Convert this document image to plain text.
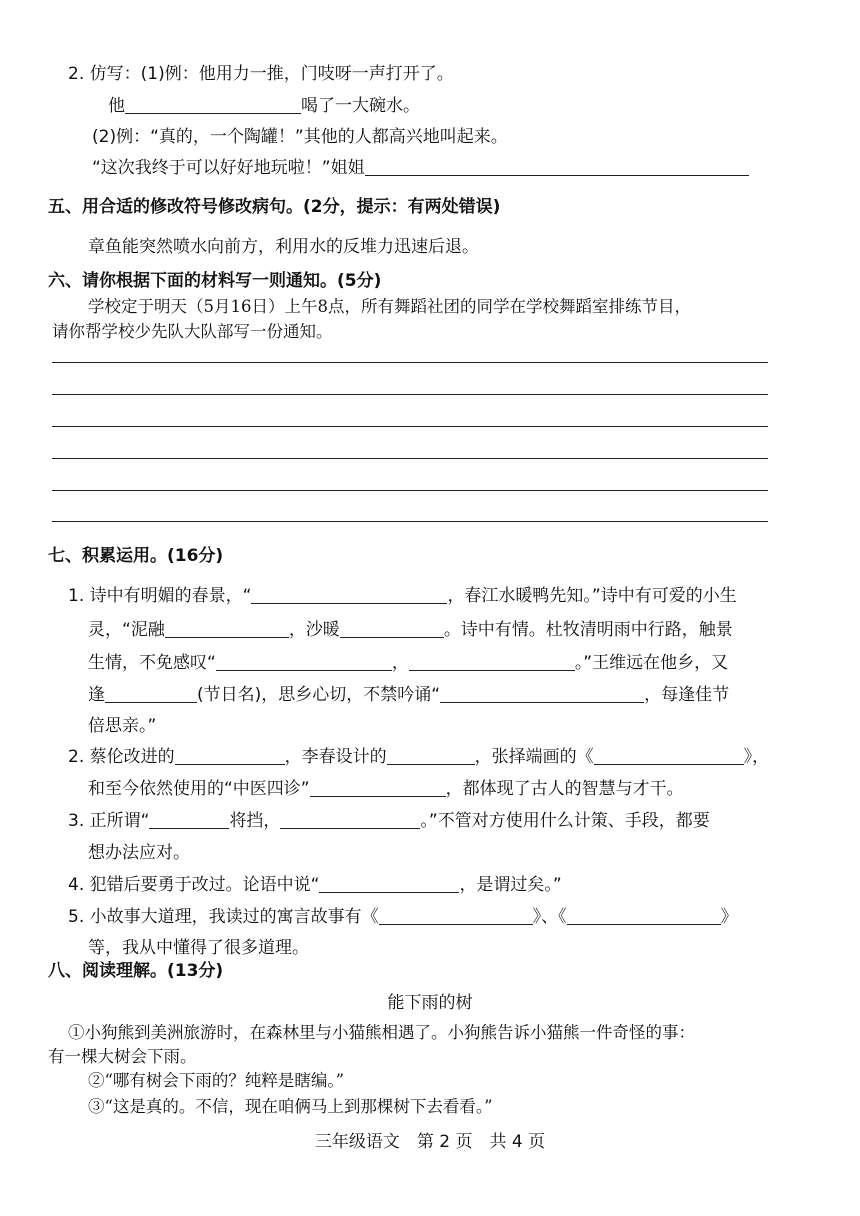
2. 仿写：(1)例：他用力一推，门吱呀一声打开了。
他	喝了一大碗水。
(2)例：“真的，一个陶罐！”其他的人都高兴地叫起来。
“这次我终于可以好好地玩啦！”姐姐
五、用合适的修改符号修改病句。(2分，提示：有两处错误)
章鱼能突然喷水向前方，利用水的反堆力迅速后退。
六、请你根据下面的材料写一则通知。(5分)
学校定于明天（5月16日）上午8点，所有舞蹈社团的同学在学校舞蹈室排练节目，
请你帮学校少先队大队部写一份通知。
七、积累运用。(16分)
1. 诗中有明媚的春景，“	，春江水暖鸭先知。”诗中有可爱的小生
灵，“泥融	，沙暖	。诗中有情。杜牧清明雨中行路，触景
生情，不免感叹“	，	。”王维远在他乡，又
逢	(节日名)，思乡心切，不禁吟诵“	，每逢佳节
倍思亲。”
2. 蔡伦改进的	，李春设计的	，张择端画的《	》，
和至今依然使用的“中医四诊”	，都体现了古人的智慧与才干。
3. 正所谓“	将挡，	。”不管对方使用什么计策、手段，都要
想办法应对。
4. 犯错后要勇于改过。论语中说“	，是谓过矣。”
5. 小故事大道理，我读过的寓言故事有《	》、《	》
等，我从中懂得了很多道理。
八、阅读理解。(13分)
能下雨的树
①小狗熊到美洲旅游时，在森林里与小猫熊相遇了。小狗熊告诉小猫熊一件奇怪的事：
有一棵大树会下雨。
②“哪有树会下雨的？纯粹是瞎编。”
③“这是真的。不信，现在咱俩马上到那棵树下去看看。”
三年级语文　第 2 页　共 4 页
